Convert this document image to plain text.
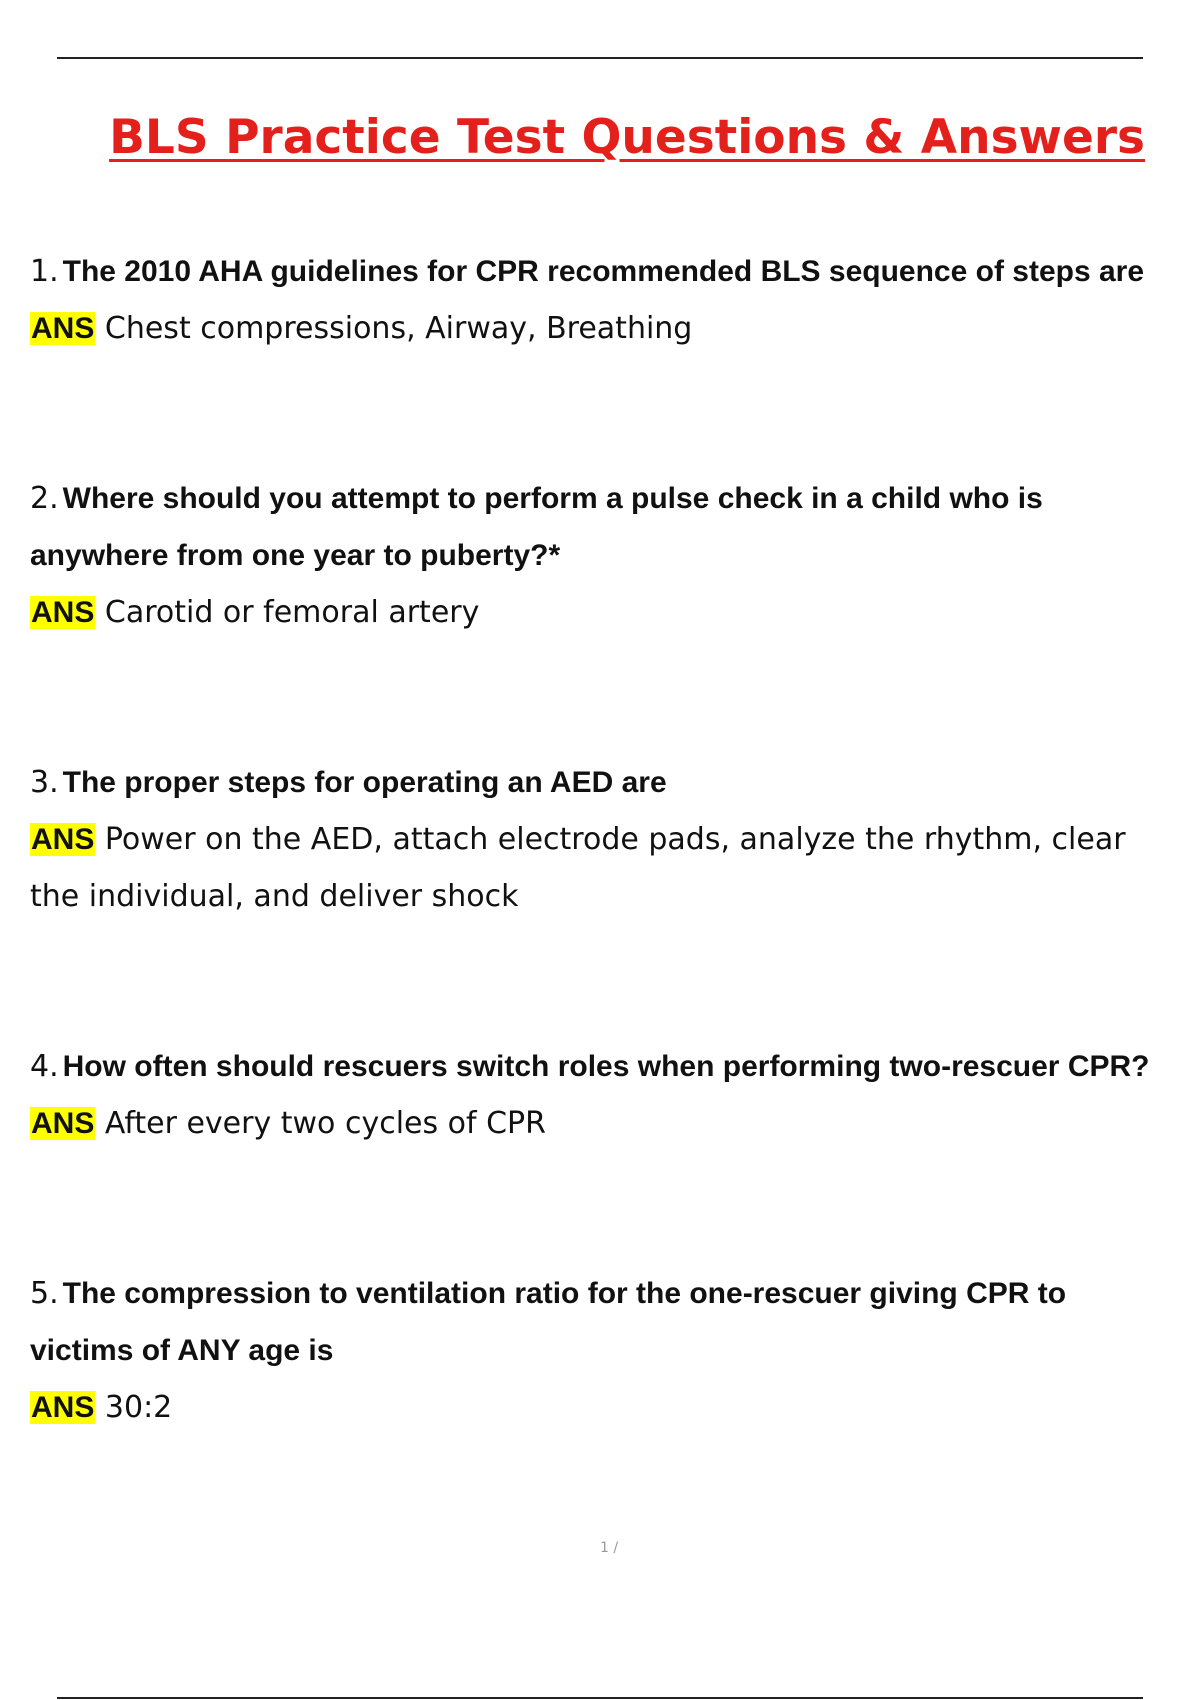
BLS Practice Test Questions & Answers
1. The 2010 AHA guidelines for CPR recommended BLS sequence of steps are
ANS Chest compressions, Airway, Breathing
2. Where should you attempt to perform a pulse check in a child who is anywhere from one year to puberty?*
ANS Carotid or femoral artery
3. The proper steps for operating an AED are
ANS Power on the AED, attach electrode pads, analyze the rhythm, clear the individual, and deliver shock
4. How often should rescuers switch roles when performing two-rescuer CPR?
ANS After every two cycles of CPR
5. The compression to ventilation ratio for the one-rescuer giving CPR to victims of ANY age is
ANS 30:2
1 /
